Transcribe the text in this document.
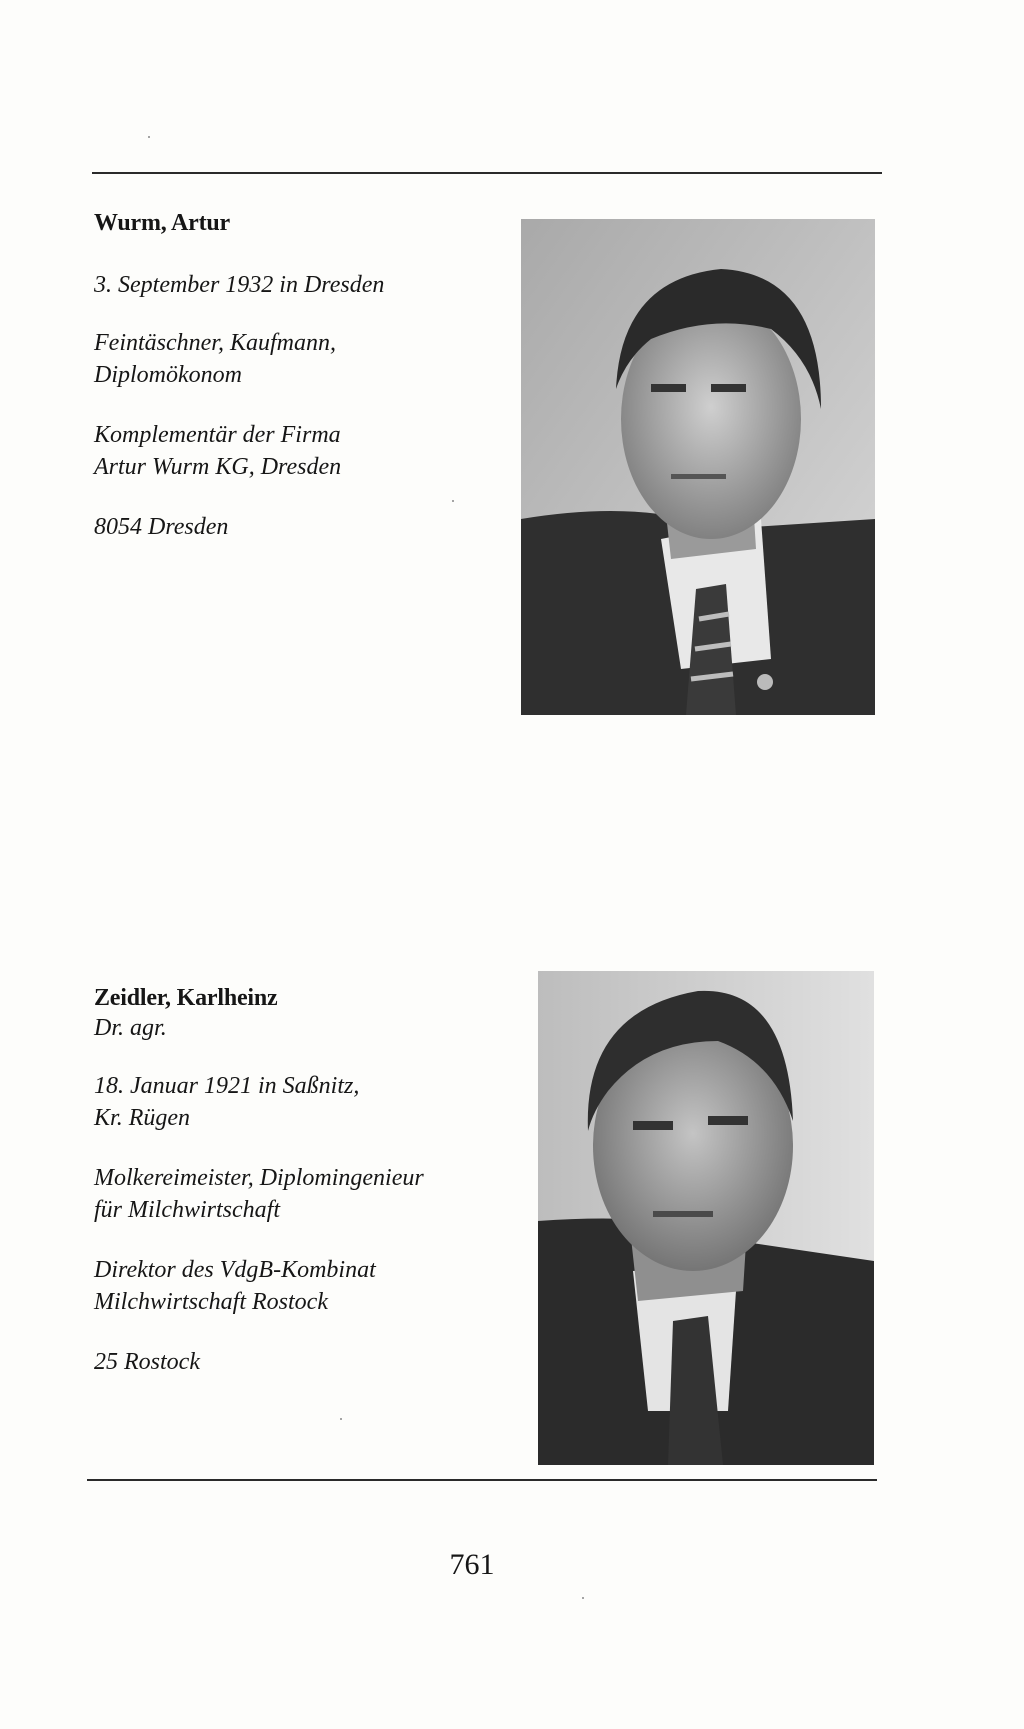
Wurm, Artur
3. September 1932 in Dresden
Feintäschner, Kaufmann,
Diplomökonom
Komplementär der Firma
Artur Wurm KG, Dresden
8054 Dresden
Zeidler, Karlheinz
Dr. agr.
18. Januar 1921 in Saßnitz,
Kr. Rügen
Molkereimeister, Diplomingenieur
für Milchwirtschaft
Direktor des VdgB-Kombinat
Milchwirtschaft Rostock
25 Rostock
761
